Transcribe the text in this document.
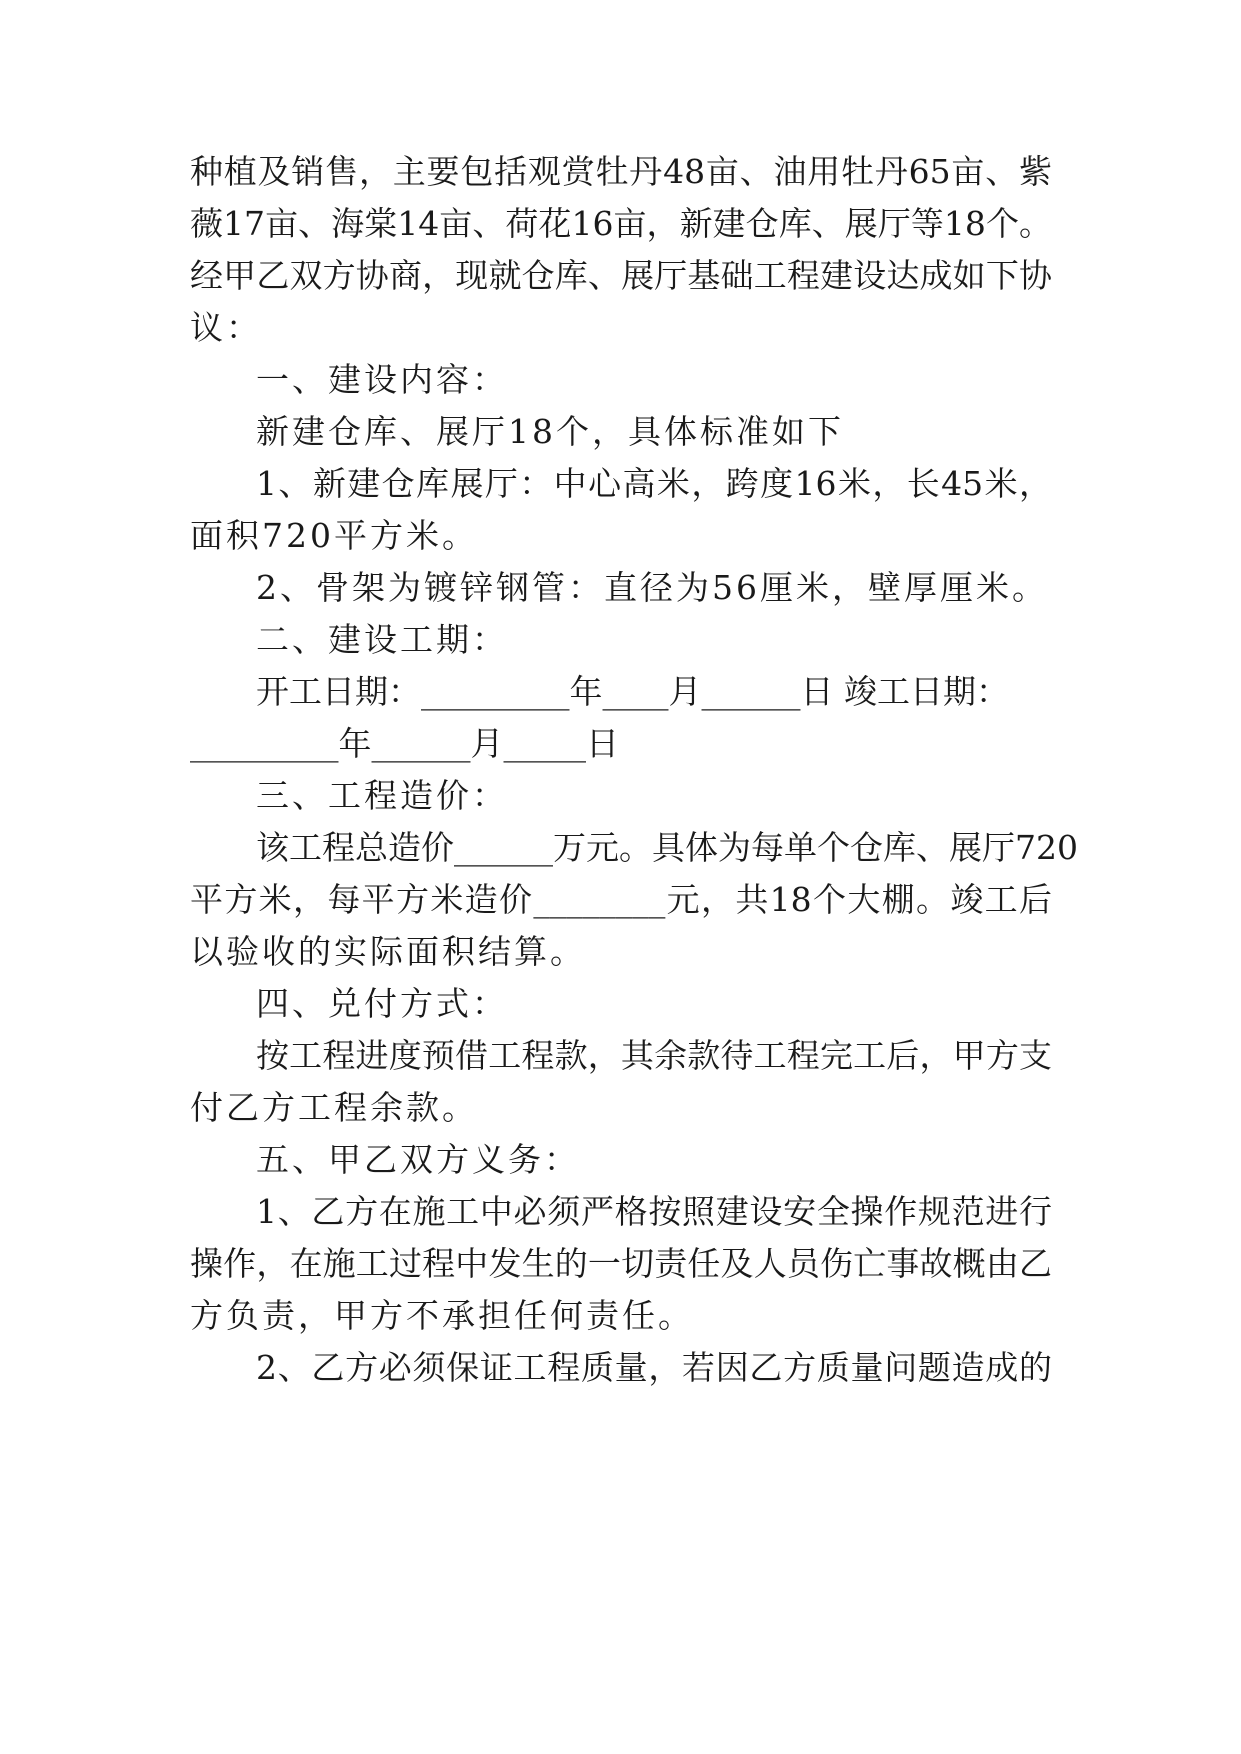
种植及销售，主要包括观赏牡丹48亩、油用牡丹65亩、紫
薇17亩、海棠14亩、荷花16亩，新建仓库、展厅等18个。
经甲乙双方协商，现就仓库、展厅基础工程建设达成如下协
议：
一、建设内容：
新建仓库、展厅18个，具体标准如下
1、新建仓库展厅：中心高米，跨度16米，长45米，
面积720平方米。
2、骨架为镀锌钢管：直径为56厘米，壁厚厘米。
二、建设工期：
开工日期：_________年____月______日 竣工日期：
_________年______月_____日
三、工程造价：
该工程总造价______万元。具体为每单个仓库、展厅720
平方米，每平方米造价________元，共18个大棚。竣工后
以验收的实际面积结算。
四、兑付方式：
按工程进度预借工程款，其余款待工程完工后，甲方支
付乙方工程余款。
五、甲乙双方义务：
1、乙方在施工中必须严格按照建设安全操作规范进行
操作，在施工过程中发生的一切责任及人员伤亡事故概由乙
方负责，甲方不承担任何责任。
2、乙方必须保证工程质量，若因乙方质量问题造成的
